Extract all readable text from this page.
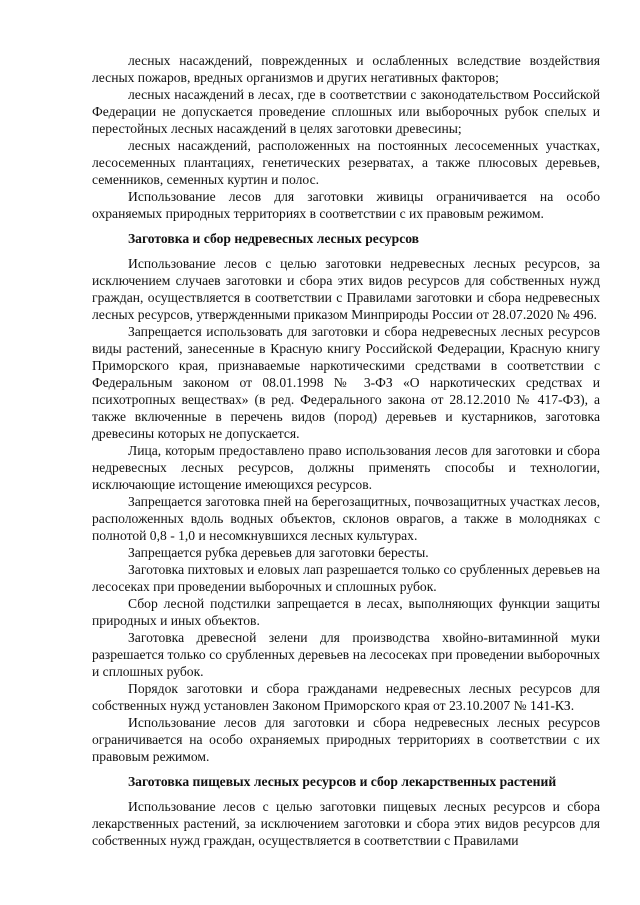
лесных насаждений, поврежденных и ослабленных вследствие воздействия лесных пожаров, вредных организмов и других негативных факторов;

лесных насаждений в лесах, где в соответствии с законодательством Российской Федерации не допускается проведение сплошных или выборочных рубок спелых и перестойных лесных насаждений в целях заготовки древесины;

лесных насаждений, расположенных на постоянных лесосеменных участках, лесосеменных плантациях, генетических резерватах, а также плюсовых деревьев, семенников, семенных куртин и полос.

Использование лесов для заготовки живицы ограничивается на особо охраняемых природных территориях в соответствии с их правовым режимом.

Заготовка и сбор недревесных лесных ресурсов

Использование лесов с целью заготовки недревесных лесных ресурсов, за исключением случаев заготовки и сбора этих видов ресурсов для собственных нужд граждан, осуществляется в соответствии с Правилами заготовки и сбора недревесных лесных ресурсов, утвержденными приказом Минприроды России от 28.07.2020 № 496.

Запрещается использовать для заготовки и сбора недревесных лесных ресурсов виды растений, занесенные в Красную книгу Российской Федерации, Красную книгу Приморского края, признаваемые наркотическими средствами в соответствии с Федеральным законом от 08.01.1998 № 3-ФЗ «О наркотических средствах и психотропных веществах» (в ред. Федерального закона от 28.12.2010 № 417-ФЗ), а также включенные в перечень видов (пород) деревьев и кустарников, заготовка древесины которых не допускается.

Лица, которым предоставлено право использования лесов для заготовки и сбора недревесных лесных ресурсов, должны применять способы и технологии, исключающие истощение имеющихся ресурсов.

Запрещается заготовка пней на берегозащитных, почвозащитных участках лесов, расположенных вдоль водных объектов, склонов оврагов, а также в молодняках с полнотой 0,8 - 1,0 и несомкнувшихся лесных культурах.

Запрещается рубка деревьев для заготовки бересты.

Заготовка пихтовых и еловых лап разрешается только со срубленных деревьев на лесосеках при проведении выборочных и сплошных рубок.

Сбор лесной подстилки запрещается в лесах, выполняющих функции защиты природных и иных объектов.

Заготовка древесной зелени для производства хвойно-витаминной муки разрешается только со срубленных деревьев на лесосеках при проведении выборочных и сплошных рубок.

Порядок заготовки и сбора гражданами недревесных лесных ресурсов для собственных нужд установлен Законом Приморского края от 23.10.2007 № 141-КЗ.

Использование лесов для заготовки и сбора недревесных лесных ресурсов ограничивается на особо охраняемых природных территориях в соответствии с их правовым режимом.

Заготовка пищевых лесных ресурсов и сбор лекарственных растений

Использование лесов с целью заготовки пищевых лесных ресурсов и сбора лекарственных растений, за исключением заготовки и сбора этих видов ресурсов для собственных нужд граждан, осуществляется в соответствии с Правилами
